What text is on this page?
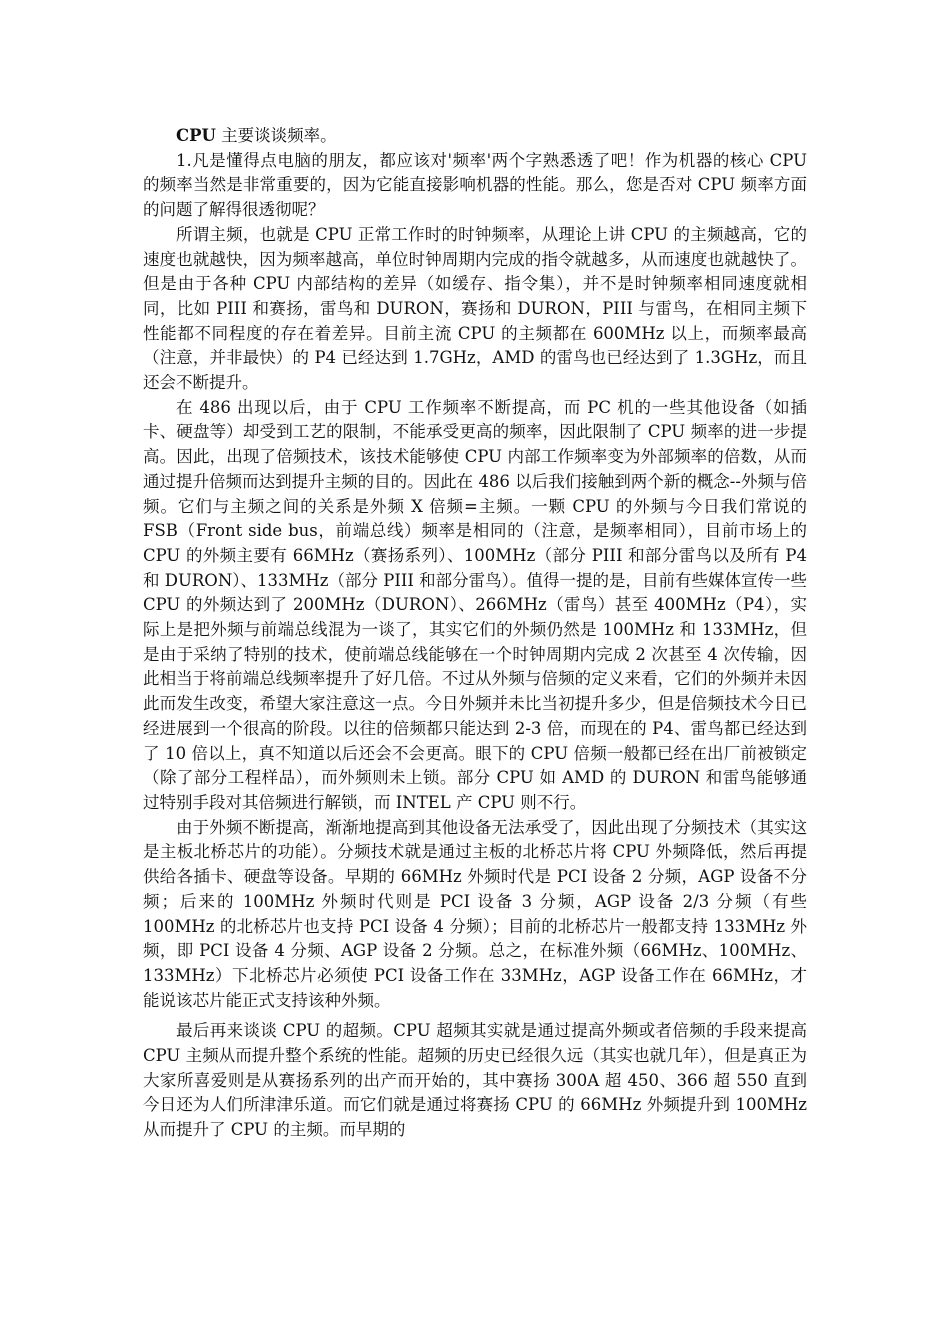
CPU 主要谈谈频率。

1.凡是懂得点电脑的朋友，都应该对'频率'两个字熟悉透了吧！作为机器的核心 CPU 的频率当然是非常重要的，因为它能直接影响机器的性能。那么，您是否对 CPU 频率方面的问题了解得很透彻呢？

所谓主频，也就是 CPU 正常工作时的时钟频率，从理论上讲 CPU 的主频越高，它的速度也就越快，因为频率越高，单位时钟周期内完成的指令就越多，从而速度也就越快了。但是由于各种 CPU 内部结构的差异（如缓存、指令集），并不是时钟频率相同速度就相同，比如 PIII 和赛扬，雷鸟和 DURON，赛扬和 DURON，PIII 与雷鸟，在相同主频下性能都不同程度的存在着差异。目前主流 CPU 的主频都在 600MHz 以上，而频率最高（注意，并非最快）的 P4 已经达到 1.7GHz，AMD 的雷鸟也已经达到了 1.3GHz，而且还会不断提升。

在 486 出现以后，由于 CPU 工作频率不断提高，而 PC 机的一些其他设备（如插卡、硬盘等）却受到工艺的限制，不能承受更高的频率，因此限制了 CPU 频率的进一步提高。因此，出现了倍频技术，该技术能够使 CPU 内部工作频率变为外部频率的倍数，从而通过提升倍频而达到提升主频的目的。因此在 486 以后我们接触到两个新的概念--外频与倍频。它们与主频之间的关系是外频 X 倍频=主频。一颗 CPU 的外频与今日我们常说的 FSB（Front side bus，前端总线）频率是相同的（注意，是频率相同），目前市场上的 CPU 的外频主要有 66MHz（赛扬系列）、100MHz（部分 PIII 和部分雷鸟以及所有 P4 和 DURON）、133MHz（部分 PIII 和部分雷鸟）。值得一提的是，目前有些媒体宣传一些 CPU 的外频达到了 200MHz（DURON）、266MHz（雷鸟）甚至 400MHz（P4），实际上是把外频与前端总线混为一谈了，其实它们的外频仍然是 100MHz 和 133MHz，但是由于采纳了特别的技术，使前端总线能够在一个时钟周期内完成 2 次甚至 4 次传输，因此相当于将前端总线频率提升了好几倍。不过从外频与倍频的定义来看，它们的外频并未因此而发生改变，希望大家注意这一点。今日外频并未比当初提升多少，但是倍频技术今日已经进展到一个很高的阶段。以往的倍频都只能达到 2-3 倍，而现在的 P4、雷鸟都已经达到了 10 倍以上，真不知道以后还会不会更高。眼下的 CPU 倍频一般都已经在出厂前被锁定（除了部分工程样品），而外频则未上锁。部分 CPU 如 AMD 的 DURON 和雷鸟能够通过特别手段对其倍频进行解锁，而 INTEL 产 CPU 则不行。

由于外频不断提高，渐渐地提高到其他设备无法承受了，因此出现了分频技术（其实这是主板北桥芯片的功能）。分频技术就是通过主板的北桥芯片将 CPU 外频降低，然后再提供给各插卡、硬盘等设备。早期的 66MHz 外频时代是 PCI 设备 2 分频，AGP 设备不分频；后来的 100MHz 外频时代则是 PCI 设备 3 分频，AGP 设备 2/3 分频（有些 100MHz 的北桥芯片也支持 PCI 设备 4 分频）；目前的北桥芯片一般都支持 133MHz 外频，即 PCI 设备 4 分频、AGP 设备 2 分频。总之，在标准外频（66MHz、100MHz、133MHz）下北桥芯片必须使 PCI 设备工作在 33MHz，AGP 设备工作在 66MHz，才能说该芯片能正式支持该种外频。

最后再来谈谈 CPU 的超频。CPU 超频其实就是通过提高外频或者倍频的手段来提高 CPU 主频从而提升整个系统的性能。超频的历史已经很久远（其实也就几年），但是真正为大家所喜爱则是从赛扬系列的出产而开始的，其中赛扬 300A 超 450、366 超 550 直到今日还为人们所津津乐道。而它们就是通过将赛扬 CPU 的 66MHz 外频提升到 100MHz 从而提升了 CPU 的主频。而早期的
